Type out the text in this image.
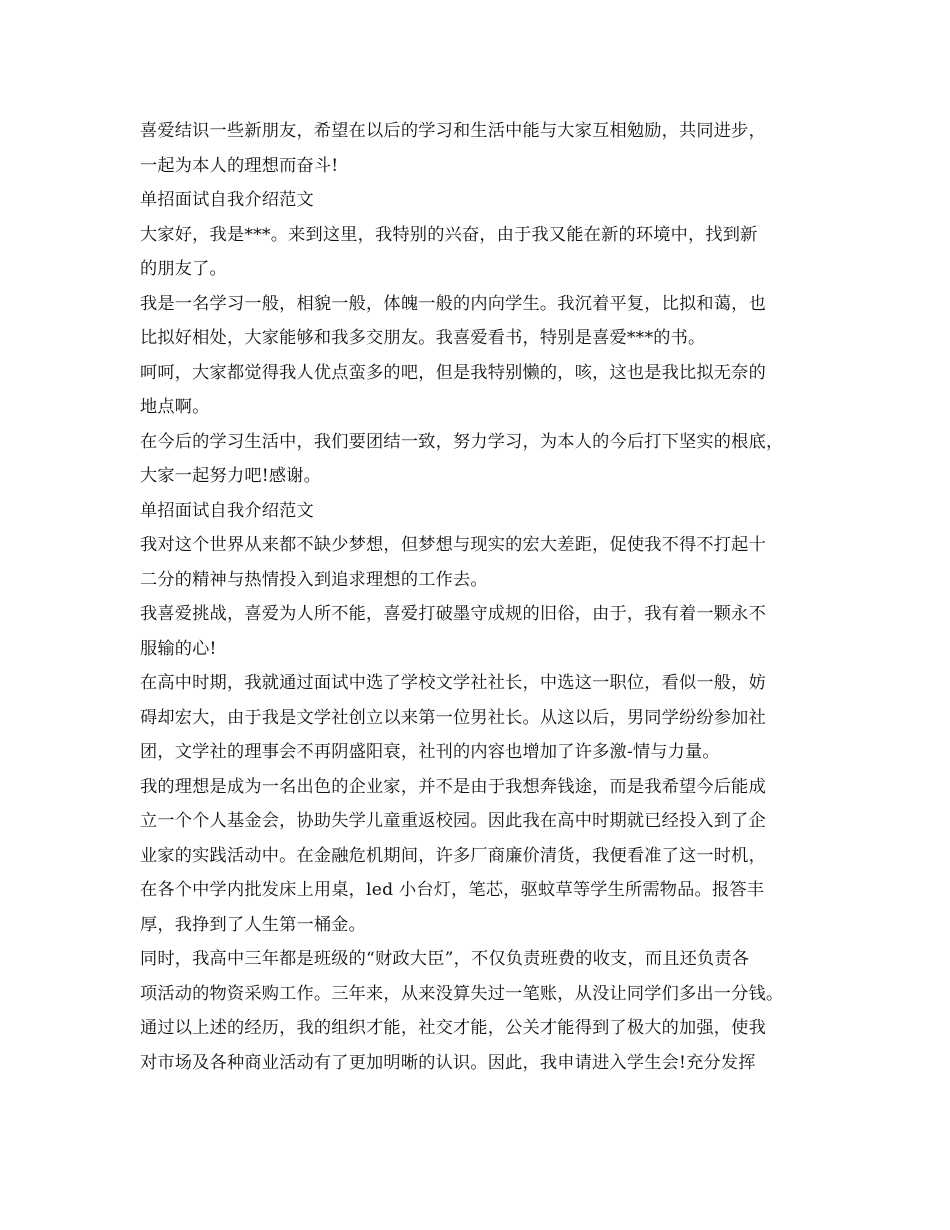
喜爱结识一些新朋友，希望在以后的学习和生活中能与大家互相勉励，共同进步，
一起为本人的理想而奋斗!
单招面试自我介绍范文
大家好，我是***。来到这里，我特别的兴奋，由于我又能在新的环境中，找到新
的朋友了。
我是一名学习一般，相貌一般，体魄一般的内向学生。我沉着平复，比拟和蔼，也
比拟好相处，大家能够和我多交朋友。我喜爱看书，特别是喜爱***的书。
呵呵，大家都觉得我人优点蛮多的吧，但是我特别懒的，咳，这也是我比拟无奈的
地点啊。
在今后的学习生活中，我们要团结一致，努力学习，为本人的今后打下坚实的根底，
大家一起努力吧!感谢。
单招面试自我介绍范文
我对这个世界从来都不缺少梦想，但梦想与现实的宏大差距，促使我不得不打起十
二分的精神与热情投入到追求理想的工作去。
我喜爱挑战，喜爱为人所不能，喜爱打破墨守成规的旧俗，由于，我有着一颗永不
服输的心!
在高中时期，我就通过面试中选了学校文学社社长，中选这一职位，看似一般，妨
碍却宏大，由于我是文学社创立以来第一位男社长。从这以后，男同学纷纷参加社
团，文学社的理事会不再阴盛阳衰，社刊的内容也增加了许多激-情与力量。
我的理想是成为一名出色的企业家，并不是由于我想奔钱途，而是我希望今后能成
立一个个人基金会，协助失学儿童重返校园。因此我在高中时期就已经投入到了企
业家的实践活动中。在金融危机期间，许多厂商廉价清货，我便看准了这一时机，
在各个中学内批发床上用桌，led 小台灯，笔芯，驱蚊草等学生所需物品。报答丰
厚，我挣到了人生第一桶金。
同时，我高中三年都是班级的“财政大臣”，不仅负责班费的收支，而且还负责各
项活动的物资采购工作。三年来，从来没算失过一笔账，从没让同学们多出一分钱。
通过以上述的经历，我的组织才能，社交才能，公关才能得到了极大的加强，使我
对市场及各种商业活动有了更加明晰的认识。因此，我申请进入学生会!充分发挥
